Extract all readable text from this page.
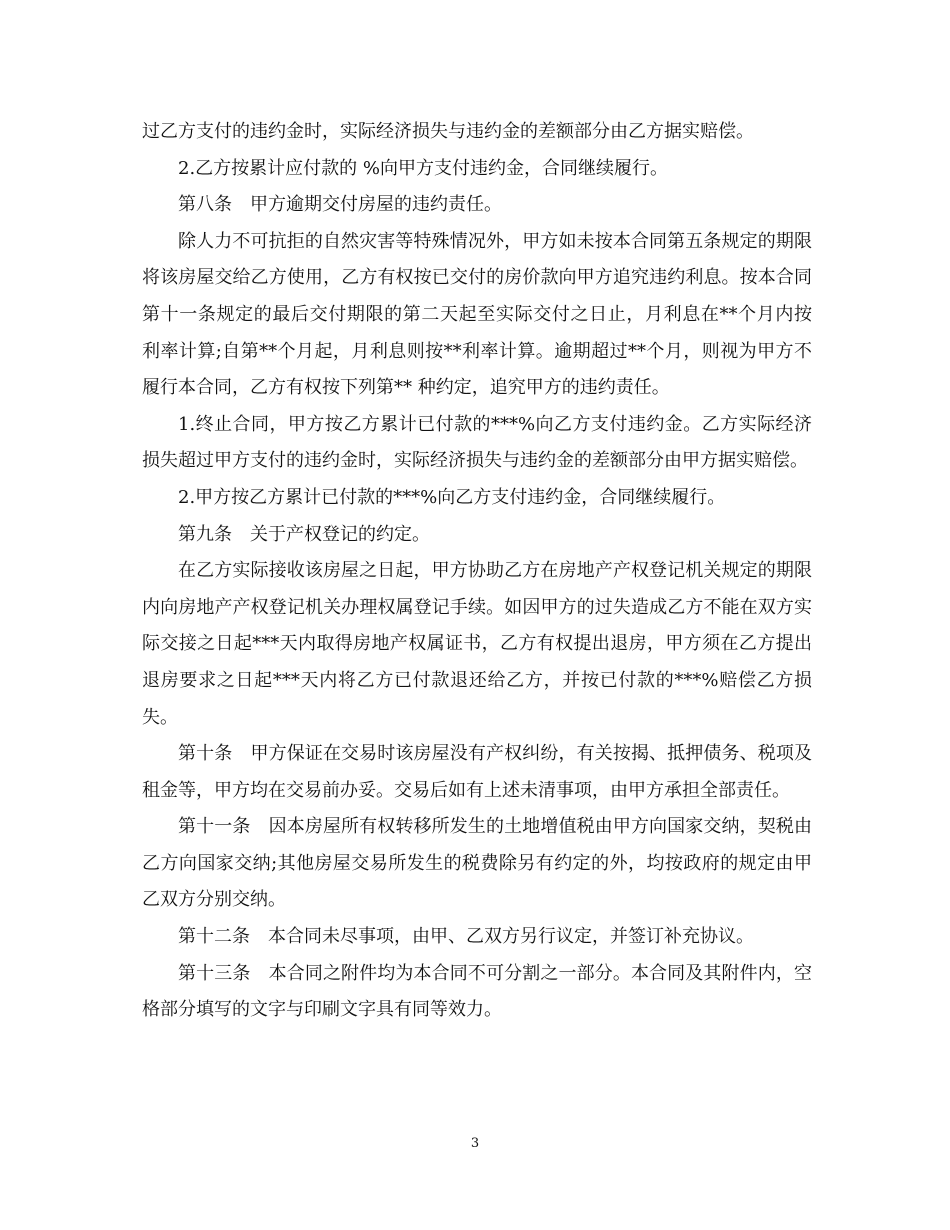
过乙方支付的违约金时，实际经济损失与违约金的差额部分由乙方据实赔偿。

2.乙方按累计应付款的 %向甲方支付违约金，合同继续履行。

第八条　甲方逾期交付房屋的违约责任。

除人力不可抗拒的自然灾害等特殊情况外，甲方如未按本合同第五条规定的期限将该房屋交给乙方使用，乙方有权按已交付的房价款向甲方追究违约利息。按本合同第十一条规定的最后交付期限的第二天起至实际交付之日止，月利息在**个月内按 利率计算;自第**个月起，月利息则按**利率计算。逾期超过**个月，则视为甲方不履行本合同，乙方有权按下列第** 种约定，追究甲方的违约责任。

1.终止合同，甲方按乙方累计已付款的***%向乙方支付违约金。乙方实际经济损失超过甲方支付的违约金时，实际经济损失与违约金的差额部分由甲方据实赔偿。

2.甲方按乙方累计已付款的***%向乙方支付违约金，合同继续履行。

第九条　关于产权登记的约定。

在乙方实际接收该房屋之日起，甲方协助乙方在房地产产权登记机关规定的期限内向房地产产权登记机关办理权属登记手续。如因甲方的过失造成乙方不能在双方实际交接之日起***天内取得房地产权属证书，乙方有权提出退房，甲方须在乙方提出退房要求之日起***天内将乙方已付款退还给乙方，并按已付款的***%赔偿乙方损失。

第十条　甲方保证在交易时该房屋没有产权纠纷，有关按揭、抵押债务、税项及租金等，甲方均在交易前办妥。交易后如有上述未清事项，由甲方承担全部责任。

第十一条　因本房屋所有权转移所发生的土地增值税由甲方向国家交纳，契税由乙方向国家交纳;其他房屋交易所发生的税费除另有约定的外，均按政府的规定由甲乙双方分别交纳。

第十二条　本合同未尽事项，由甲、乙双方另行议定，并签订补充协议。

第十三条　本合同之附件均为本合同不可分割之一部分。本合同及其附件内，空格部分填写的文字与印刷文字具有同等效力。

3
